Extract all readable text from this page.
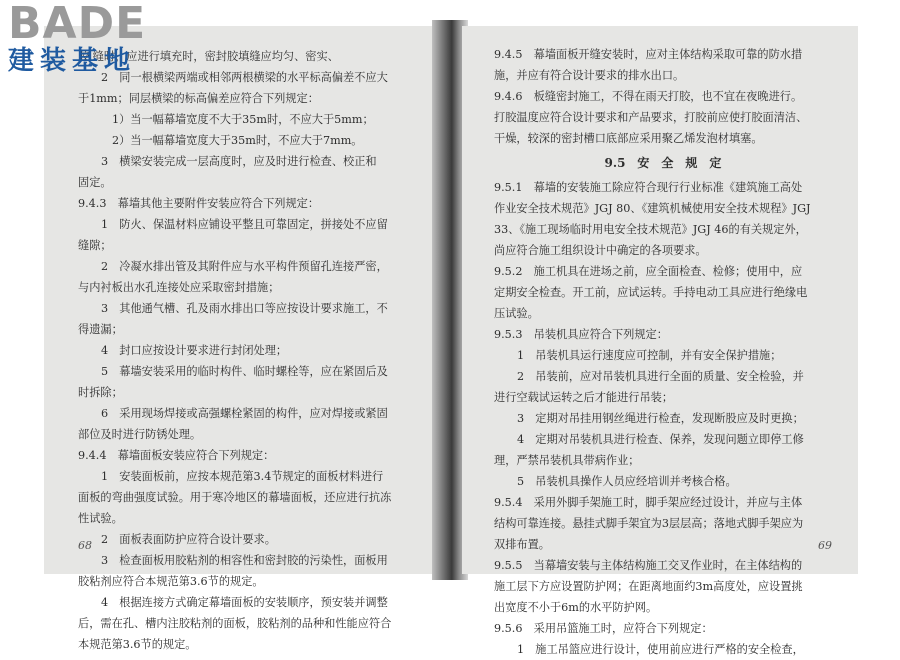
BADE
建装基地
胶 缝时，应进行填充时，密封胶填缝应均匀、密实、
2　同一根横梁两端或相邻两根横梁的水平标高偏差不应大
于1mm；同层横梁的标高偏差应符合下列规定：
1）当一幅幕墙宽度不大于35m时，不应大于5mm；
2）当一幅幕墙宽度大于35m时，不应大于7mm。
3　横梁安装完成一层高度时，应及时进行检查、校正和
固定。
9.4.3　幕墙其他主要附件安装应符合下列规定：
1　防火、保温材料应铺设平整且可靠固定，拼接处不应留
缝隙；
2　冷凝水排出管及其附件应与水平构件预留孔连接严密，
与内衬板出水孔连接处应采取密封措施；
3　其他通气槽、孔及雨水排出口等应按设计要求施工，不
得遗漏；
4　封口应按设计要求进行封闭处理；
5　幕墙安装采用的临时构件、临时螺栓等，应在紧固后及
时拆除；
6　采用现场焊接或高强螺栓紧固的构件，应对焊接或紧固
部位及时进行防锈处理。
9.4.4　幕墙面板安装应符合下列规定：
1　安装面板前，应按本规范第3.4节规定的面板材料进行
面板的弯曲强度试验。用于寒冷地区的幕墙面板，还应进行抗冻
性试验。
2　面板表面防护应符合设计要求。
3　检查面板用胶粘剂的相容性和密封胶的污染性，面板用
胶粘剂应符合本规范第3.6节的规定。
4　根据连接方式确定幕墙面板的安装顺序，预安装并调整
后，需在孔、槽内注胶粘剂的面板，胶粘剂的品种和性能应符合
本规范第3.6节的规定。
68
9.4.5　幕墙面板开缝安装时，应对主体结构采取可靠的防水措
施，并应有符合设计要求的排水出口。
9.4.6　板缝密封施工，不得在雨天打胶，也不宜在夜晚进行。
打胶温度应符合设计要求和产品要求，打胶前应使打胶面清洁、
干燥，较深的密封槽口底部应采用聚乙烯发泡材填塞。
9.5　安　全　规　定
9.5.1　幕墙的安装施工除应符合现行行业标准《建筑施工高处
作业安全技术规范》JGJ 80、《建筑机械使用安全技术规程》JGJ
33、《施工现场临时用电安全技术规范》JGJ 46的有关规定外，
尚应符合施工组织设计中确定的各项要求。
9.5.2　施工机具在进场之前，应全面检查、检修；使用中，应
定期安全检查。开工前，应试运转。手持电动工具应进行绝缘电
压试验。
9.5.3　吊装机具应符合下列规定：
1　吊装机具运行速度应可控制，并有安全保护措施；
2　吊装前，应对吊装机具进行全面的质量、安全检验，并
进行空载试运转之后才能进行吊装；
3　定期对吊挂用钢丝绳进行检查，发现断股应及时更换；
4　定期对吊装机具进行检查、保养，发现问题立即停工修
理，严禁吊装机具带病作业；
5　吊装机具操作人员应经培训并考核合格。
9.5.4　采用外脚手架施工时，脚手架应经过设计，并应与主体
结构可靠连接。悬挂式脚手架宜为3层层高；落地式脚手架应为
双排布置。
9.5.5　当幕墙安装与主体结构施工交叉作业时，在主体结构的
施工层下方应设置防护网；在距离地面约3m高度处，应设置挑
出宽度不小于6m的水平防护网。
9.5.6　采用吊篮施工时，应符合下列规定：
1　施工吊篮应进行设计，使用前应进行严格的安全检查，
69
